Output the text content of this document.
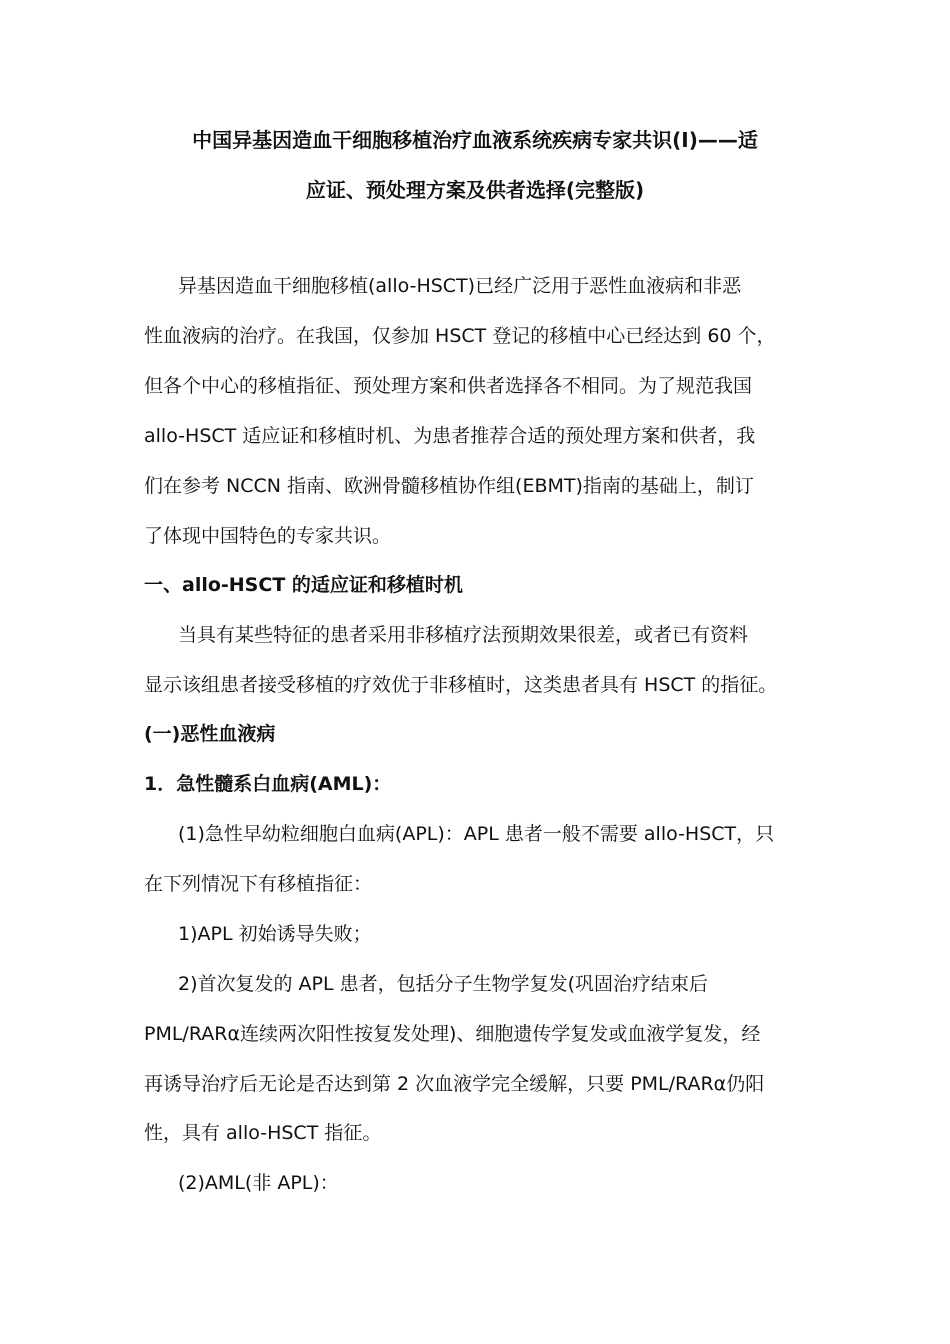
中国异基因造血干细胞移植治疗血液系统疾病专家共识(Ⅰ)——适
应证、预处理方案及供者选择(完整版)
异基因造血干细胞移植(allo-HSCT)已经广泛用于恶性血液病和非恶
性血液病的治疗。在我国，仅参加 HSCT 登记的移植中心已经达到 60 个，
但各个中心的移植指征、预处理方案和供者选择各不相同。为了规范我国
allo-HSCT 适应证和移植时机、为患者推荐合适的预处理方案和供者，我
们在参考 NCCN 指南、欧洲骨髓移植协作组(EBMT)指南的基础上，制订
了体现中国特色的专家共识。
一、allo-HSCT 的适应证和移植时机
当具有某些特征的患者采用非移植疗法预期效果很差，或者已有资料
显示该组患者接受移植的疗效优于非移植时，这类患者具有 HSCT 的指征。
(一)恶性血液病
1．急性髓系白血病(AML)：
(1)急性早幼粒细胞白血病(APL)：APL 患者一般不需要 allo-HSCT，只
在下列情况下有移植指征：
1)APL 初始诱导失败；
2)首次复发的 APL 患者，包括分子生物学复发(巩固治疗结束后
PML/RARα连续两次阳性按复发处理)、细胞遗传学复发或血液学复发，经
再诱导治疗后无论是否达到第 2 次血液学完全缓解，只要 PML/RARα仍阳
性，具有 allo-HSCT 指征。
(2)AML(非 APL)：
